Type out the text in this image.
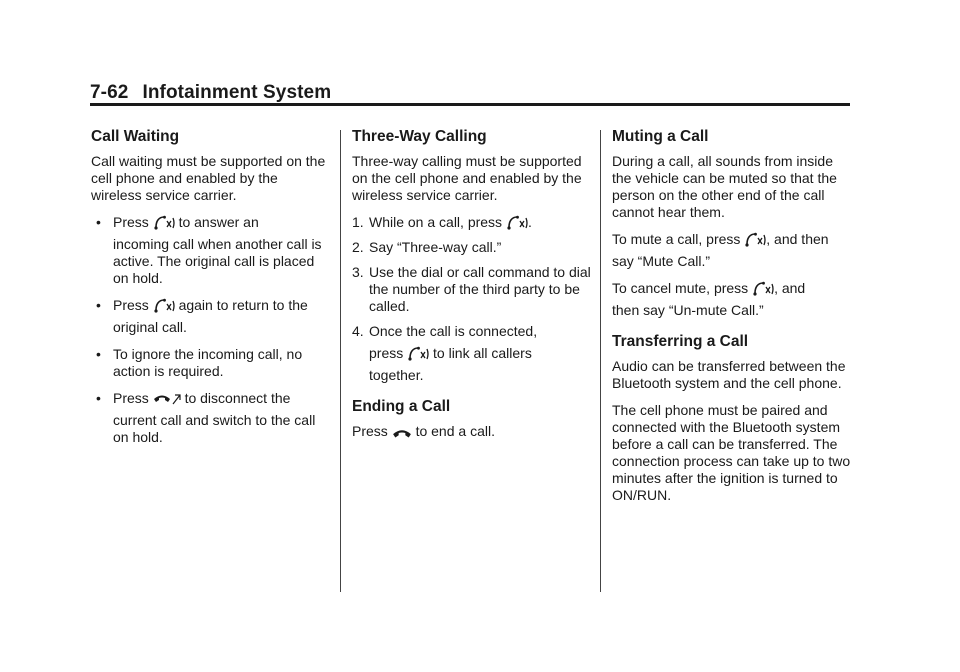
7-62 Infotainment System
Call Waiting

Call waiting must be supported on the cell phone and enabled by the wireless service carrier.

• Press to answer an
incoming call when another call is active. The original call is placed on hold.
• Press again to return to the
original call.
• To ignore the incoming call, no action is required.
• Press	to disconnect the
current call and switch to the call on hold.
Three-Way Calling

Three-way calling must be supported on the cell phone and enabled by the wireless service carrier.

1. While on a call, press .
2. Say “Three-way call.”
3. Use the dial or call command to dial the number of the third party to be called.
4. Once the call is connected,
press to link all callers
together.
Ending a Call

Press to end a call.

Muting a Call

During a call, all sounds from inside the vehicle can be muted so that the person on the other end of the call cannot hear them.

To mute a call, press , and then
say “Mute Call.”

To cancel mute, press , and
then say “Un-mute Call.”

Transferring a Call

Audio can be transferred between the Bluetooth system and the cell phone.

The cell phone must be paired and connected with the Bluetooth system before a call can be transferred. The connection process can take up to two minutes after the ignition is turned to ON/RUN.
